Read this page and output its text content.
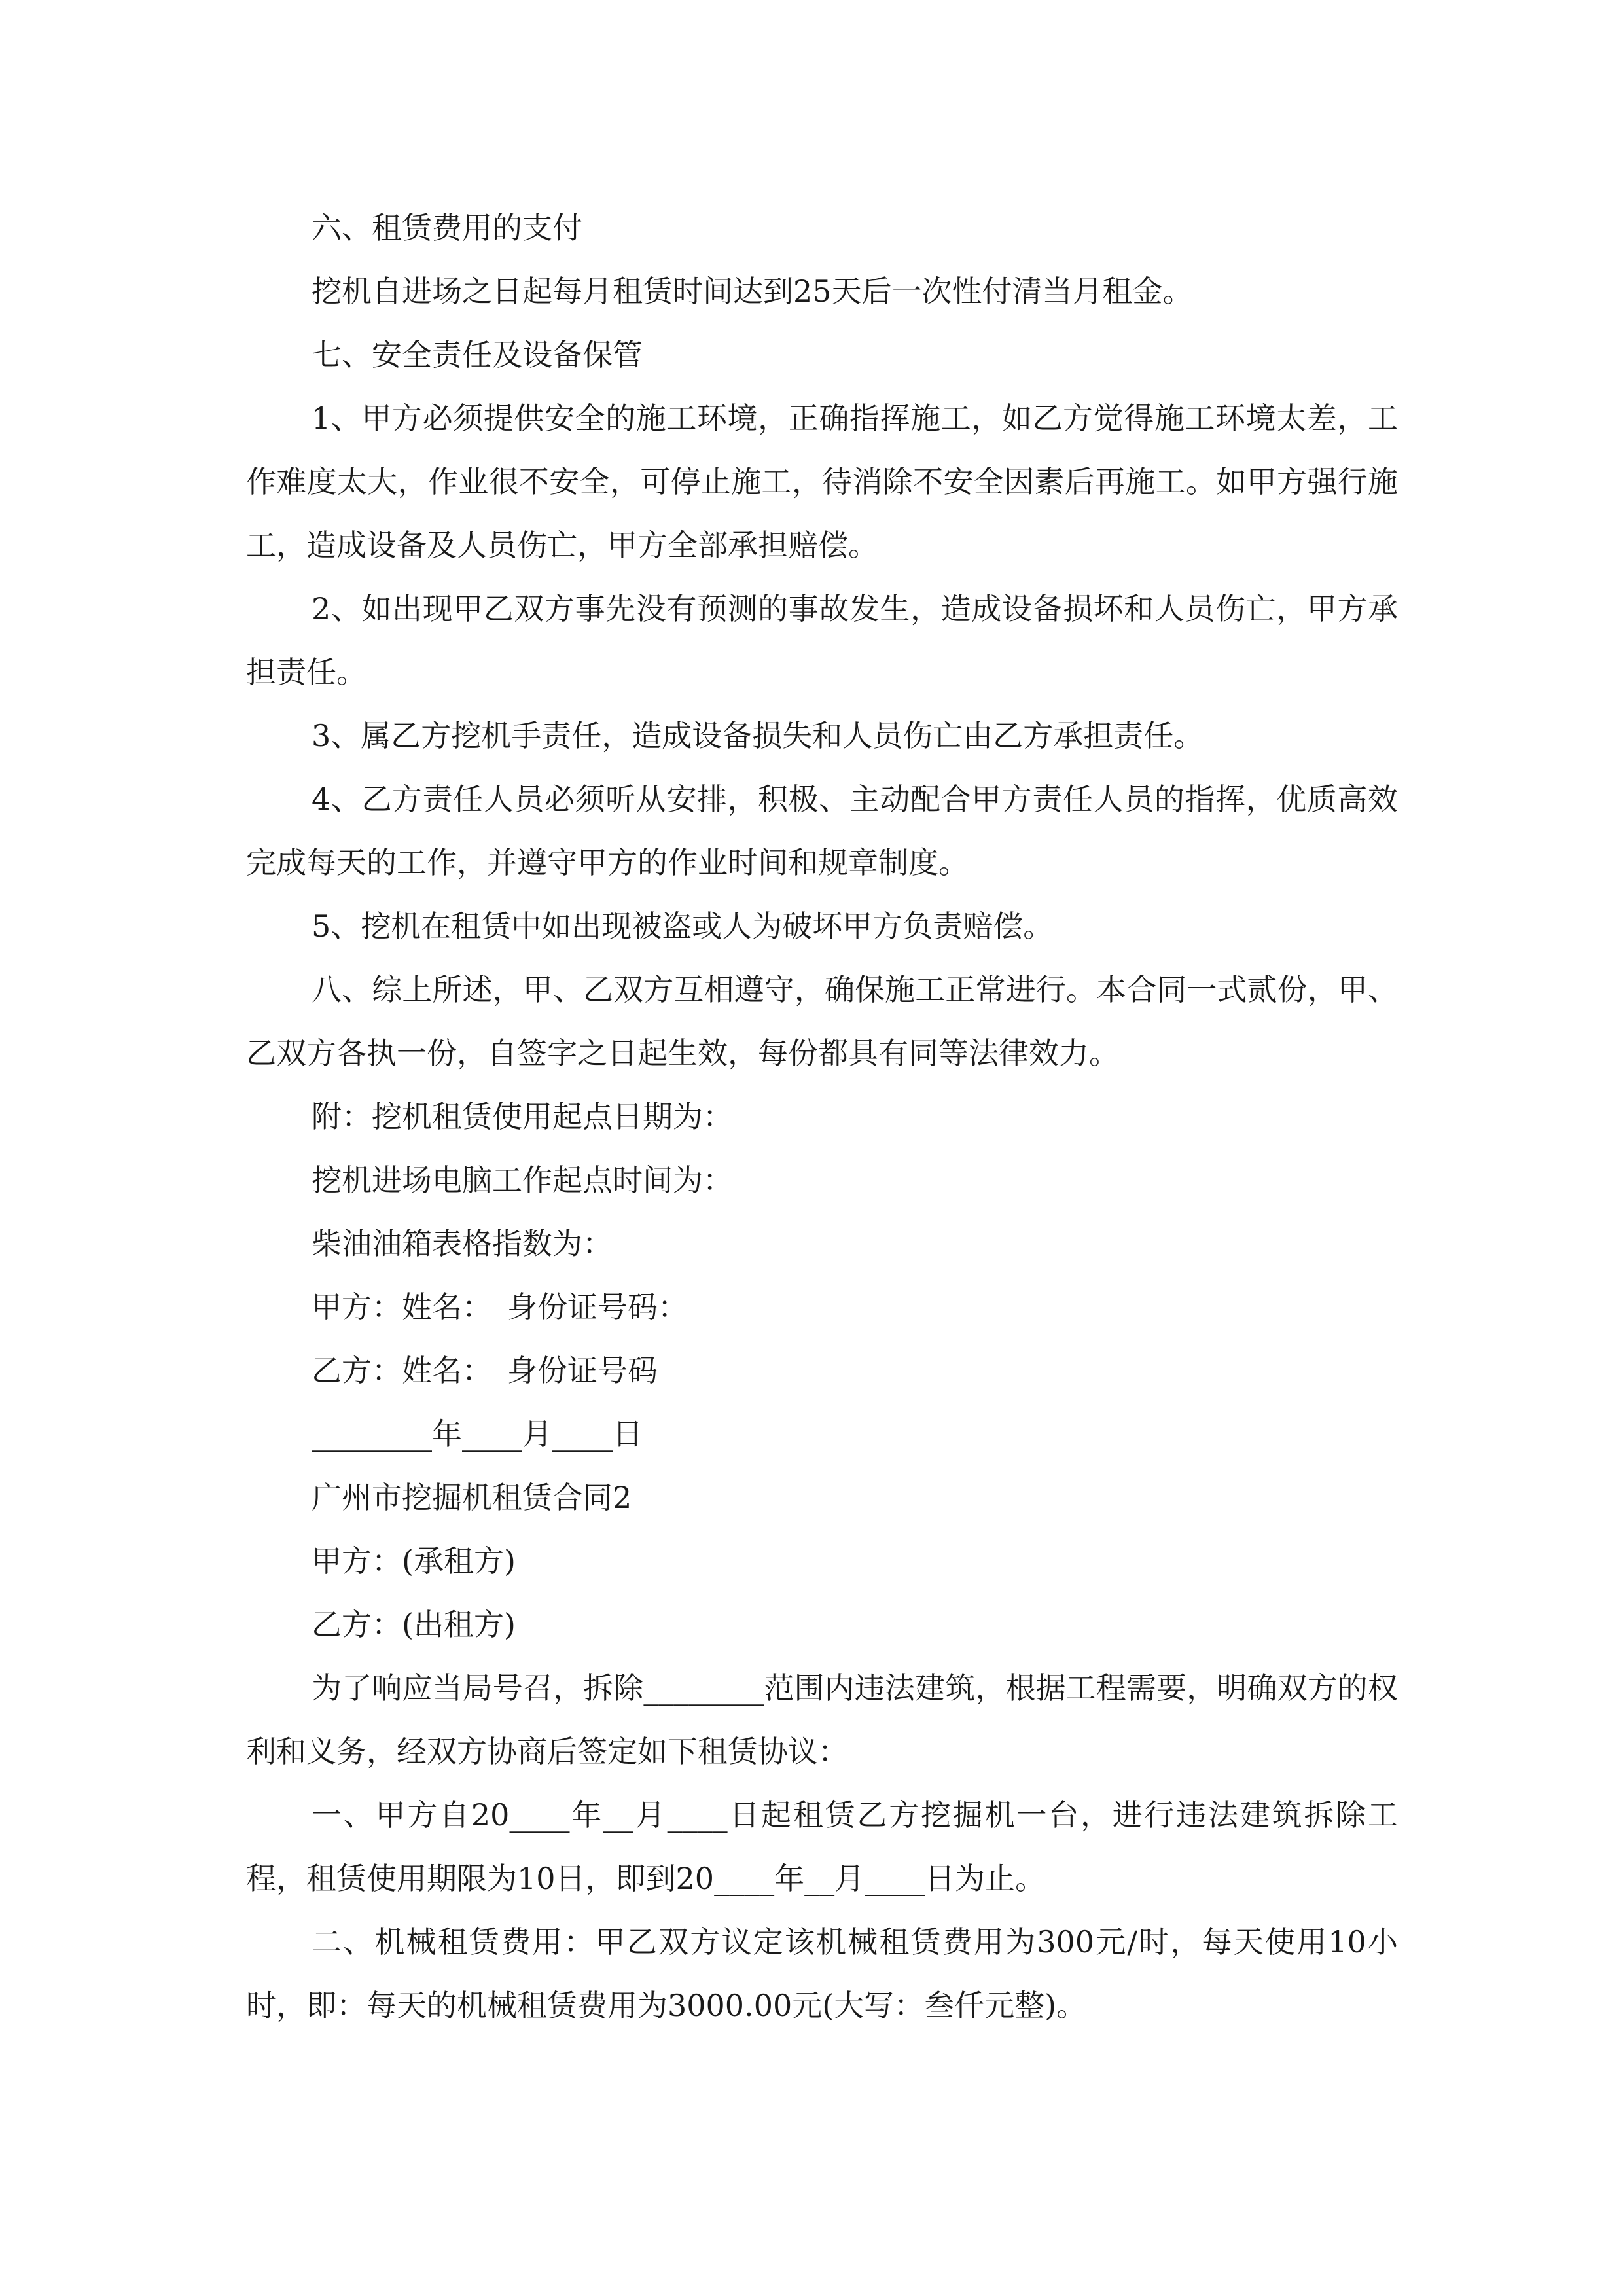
六、租赁费用的支付

挖机自进场之日起每月租赁时间达到25天后一次性付清当月租金。

七、安全责任及设备保管

1、甲方必须提供安全的施工环境，正确指挥施工，如乙方觉得施工环境太差，工作难度太大，作业很不安全，可停止施工，待消除不安全因素后再施工。如甲方强行施工，造成设备及人员伤亡，甲方全部承担赔偿。

2、如出现甲乙双方事先没有预测的事故发生，造成设备损坏和人员伤亡，甲方承担责任。

3、属乙方挖机手责任，造成设备损失和人员伤亡由乙方承担责任。

4、乙方责任人员必须听从安排，积极、主动配合甲方责任人员的指挥，优质高效完成每天的工作，并遵守甲方的作业时间和规章制度。

5、挖机在租赁中如出现被盗或人为破坏甲方负责赔偿。

八、综上所述，甲、乙双方互相遵守，确保施工正常进行。本合同一式贰份，甲、乙双方各执一份，自签字之日起生效，每份都具有同等法律效力。

附：挖机租赁使用起点日期为：

挖机进场电脑工作起点时间为：

柴油油箱表格指数为：

甲方：姓名：　身份证号码：

乙方：姓名：　身份证号码

________年____月____日

广州市挖掘机租赁合同2

甲方：(承租方)

乙方：(出租方)

为了响应当局号召，拆除________范围内违法建筑，根据工程需要，明确双方的权利和义务，经双方协商后签定如下租赁协议：

一、甲方自20____年__月____日起租赁乙方挖掘机一台，进行违法建筑拆除工程，租赁使用期限为10日，即到20____年__月____日为止。

二、机械租赁费用：甲乙双方议定该机械租赁费用为300元/时，每天使用10小时，即：每天的机械租赁费用为3000.00元(大写：叁仟元整)。
